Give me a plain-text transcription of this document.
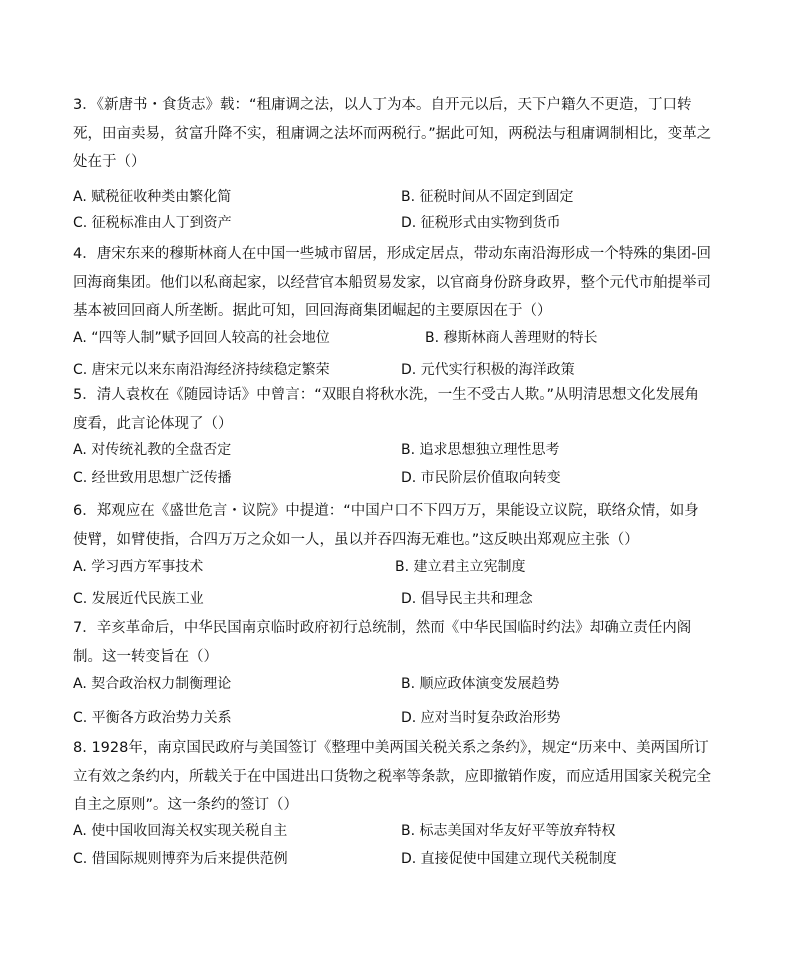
3．《新唐书・食货志》载：“租庸调之法，以人丁为本。自开元以后，天下户籍久不更造，丁口转死，田亩卖易，贫富升降不实，租庸调之法坏而两税行。”据此可知，两税法与租庸调制相比，变革之处在于（）

A. 赋税征收种类由繁化简	B. 征税时间从不固定到固定
C. 征税标准由人丁到资产	D. 征税形式由实物到货币

4．唐宋东来的穆斯林商人在中国一些城市留居，形成定居点，带动东南沿海形成一个特殊的集团-回回海商集团。他们以私商起家，以经营官本船贸易发家，以官商身份跻身政界，整个元代市舶提举司基本被回回商人所垄断。据此可知，回回海商集团崛起的主要原因在于（）

A. “四等人制”赋予回回人较高的社会地位	B. 穆斯林商人善理财的特长
C. 唐宋元以来东南沿海经济持续稳定繁荣	D. 元代实行积极的海洋政策

5．清人袁枚在《随园诗话》中曾言：“双眼自将秋水洗，一生不受古人欺。”从明清思想文化发展角度看，此言论体现了（）

A. 对传统礼教的全盘否定	B. 追求思想独立理性思考
C. 经世致用思想广泛传播	D. 市民阶层价值取向转变

6．郑观应在《盛世危言・议院》中提道：“中国户口不下四万万，果能设立议院，联络众情，如身使臂，如臂使指，合四万万之众如一人，虽以并吞四海无难也。”这反映出郑观应主张（）

A. 学习西方军事技术	B. 建立君主立宪制度
C. 发展近代民族工业	D. 倡导民主共和理念

7．辛亥革命后，中华民国南京临时政府初行总统制，然而《中华民国临时约法》却确立责任内阁制。这一转变旨在（）

A. 契合政治权力制衡理论	B. 顺应政体演变发展趋势
C. 平衡各方政治势力关系	D. 应对当时复杂政治形势

8. 1928年，南京国民政府与美国签订《整理中美两国关税关系之条约》，规定“历来中、美两国所订立有效之条约内，所载关于在中国进出口货物之税率等条款，应即撤销作废，而应适用国家关税完全自主之原则”。这一条约的签订（）

A. 使中国收回海关权实现关税自主	B. 标志美国对华友好平等放弃特权
C. 借国际规则博弈为后来提供范例	D. 直接促使中国建立现代关税制度
